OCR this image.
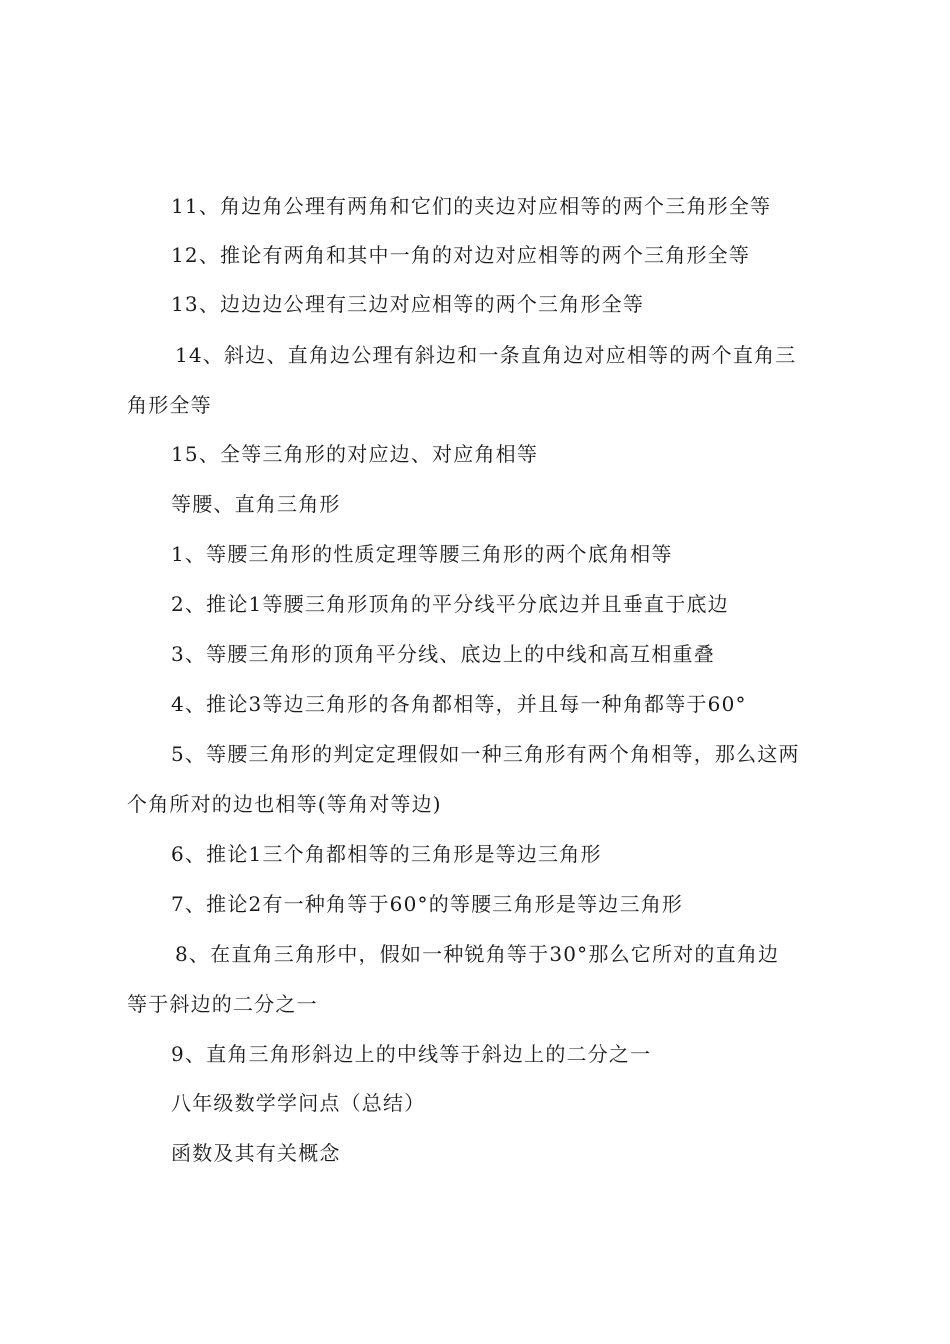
11、角边角公理有两角和它们的夹边对应相等的两个三角形全等
12、推论有两角和其中一角的对边对应相等的两个三角形全等
13、边边边公理有三边对应相等的两个三角形全等
14、斜边、直角边公理有斜边和一条直角边对应相等的两个直角三
角形全等
15、全等三角形的对应边、对应角相等
等腰、直角三角形
1、等腰三角形的性质定理等腰三角形的两个底角相等
2、推论1等腰三角形顶角的平分线平分底边并且垂直于底边
3、等腰三角形的顶角平分线、底边上的中线和高互相重叠
4、推论3等边三角形的各角都相等，并且每一种角都等于60°
5、等腰三角形的判定定理假如一种三角形有两个角相等，那么这两
个角所对的边也相等(等角对等边)
6、推论1三个角都相等的三角形是等边三角形
7、推论2有一种角等于60°的等腰三角形是等边三角形
8、在直角三角形中，假如一种锐角等于30°那么它所对的直角边
等于斜边的二分之一
9、直角三角形斜边上的中线等于斜边上的二分之一
八年级数学学问点（总结）
函数及其有关概念
